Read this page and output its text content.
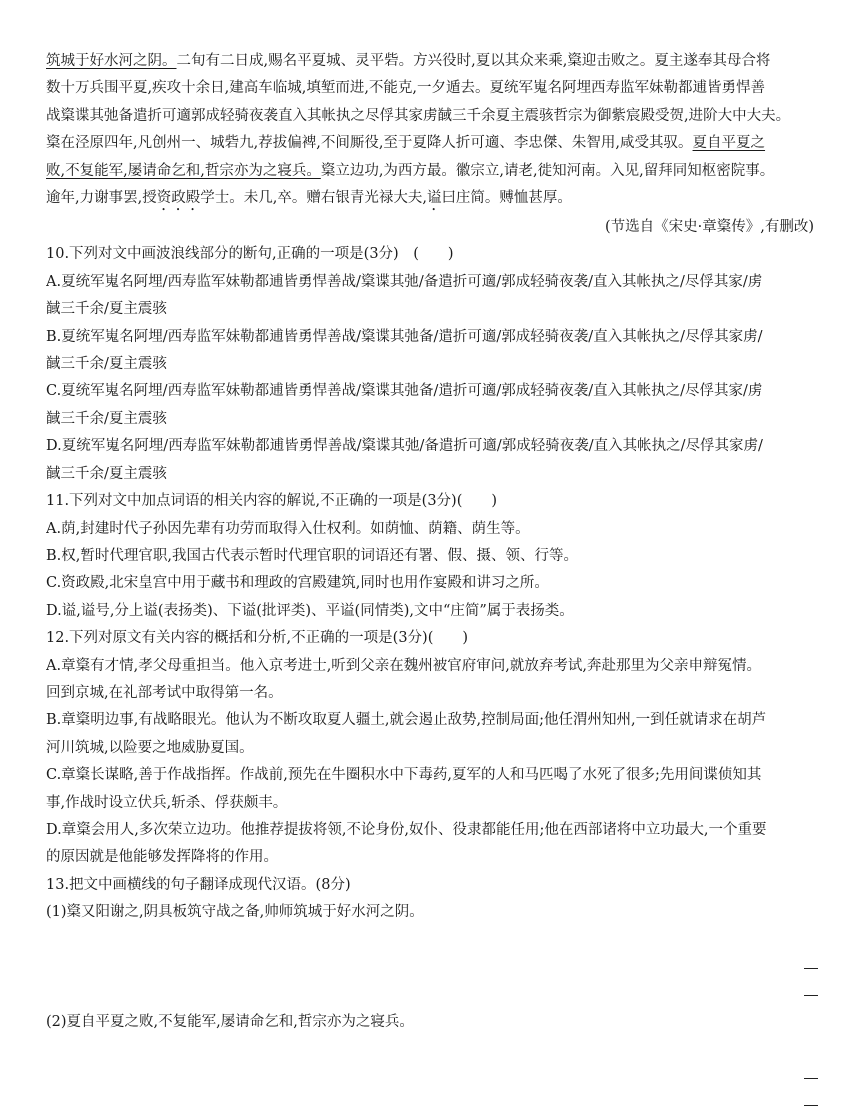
筑城于好水河之阴。二旬有二日成,赐名平夏城、灵平砦。方兴役时,夏以其众来乘,楶迎击败之。夏主遂奉其母合将

数十万兵围平夏,疾攻十余日,建高车临城,填堑而进,不能克,一夕遁去。夏统军嵬名阿埋西寿监军妹勒都逋皆勇悍善

战楶谍其弛备遣折可適郭成轻骑夜袭直入其帐执之尽俘其家虏馘三千余夏主震骇哲宗为御紫宸殿受贺,进阶大中大夫。

楶在泾原四年,凡创州一、城砦九,荐拔偏裨,不间厮役,至于夏降人折可適、李忠傑、朱智用,咸受其驭。夏自平夏之

败,不复能军,屡请命乞和,哲宗亦为之寝兵。楶立边功,为西方最。徽宗立,请老,徙知河南。入见,留拜同知枢密院事。

逾年,力谢事罢,授资政殿学士。未几,卒。赠右银青光禄大夫,谥曰庄简。赙恤甚厚。

(节选自《宋史·章楶传》,有删改)

10.下列对文中画波浪线部分的断句,正确的一项是(3分)　(　　)

A.夏统军嵬名阿埋/西寿监军妹勒都逋皆勇悍善战/楶谍其弛/备遣折可適/郭成轻骑夜袭/直入其帐执之/尽俘其家/虏

馘三千余/夏主震骇

B.夏统军嵬名阿埋/西寿监军妹勒都逋皆勇悍善战/楶谍其弛备/遣折可適/郭成轻骑夜袭/直入其帐执之/尽俘其家虏/

馘三千余/夏主震骇

C.夏统军嵬名阿埋/西寿监军妹勒都逋皆勇悍善战/楶谍其弛备/遣折可適/郭成轻骑夜袭/直入其帐执之/尽俘其家/虏

馘三千余/夏主震骇

D.夏统军嵬名阿埋/西寿监军妹勒都逋皆勇悍善战/楶谍其弛/备遣折可適/郭成轻骑夜袭/直入其帐执之/尽俘其家虏/

馘三千余/夏主震骇

11.下列对文中加点词语的相关内容的解说,不正确的一项是(3分)(　　)

A.荫,封建时代子孙因先辈有功劳而取得入仕权利。如荫恤、荫籍、荫生等。

B.权,暂时代理官职,我国古代表示暂时代理官职的词语还有署、假、摄、领、行等。

C.资政殿,北宋皇宫中用于藏书和理政的宫殿建筑,同时也用作宴殿和讲习之所。

D.谥,谥号,分上谥(表扬类)、下谥(批评类)、平谥(同情类),文中“庄简”属于表扬类。

12.下列对原文有关内容的概括和分析,不正确的一项是(3分)(　　)

A.章楶有才情,孝父母重担当。他入京考进士,听到父亲在魏州被官府审问,就放弃考试,奔赴那里为父亲申辩冤情。

回到京城,在礼部考试中取得第一名。

B.章楶明边事,有战略眼光。他认为不断攻取夏人疆土,就会遏止敌势,控制局面;他任渭州知州,一到任就请求在胡芦

河川筑城,以险要之地威胁夏国。

C.章楶长谋略,善于作战指挥。作战前,预先在牛圈积水中下毒药,夏军的人和马匹喝了水死了很多;先用间谍侦知其

事,作战时设立伏兵,斩杀、俘获颇丰。

D.章楶会用人,多次荣立边功。他推荐提拔将领,不论身份,奴仆、役隶都能任用;他在西部诸将中立功最大,一个重要

的原因就是他能够发挥降将的作用。

13.把文中画横线的句子翻译成现代汉语。(8分)

(1)楶又阳谢之,阴具板筑守战之备,帅师筑城于好水河之阴。

(2)夏自平夏之败,不复能军,屡请命乞和,哲宗亦为之寝兵。
